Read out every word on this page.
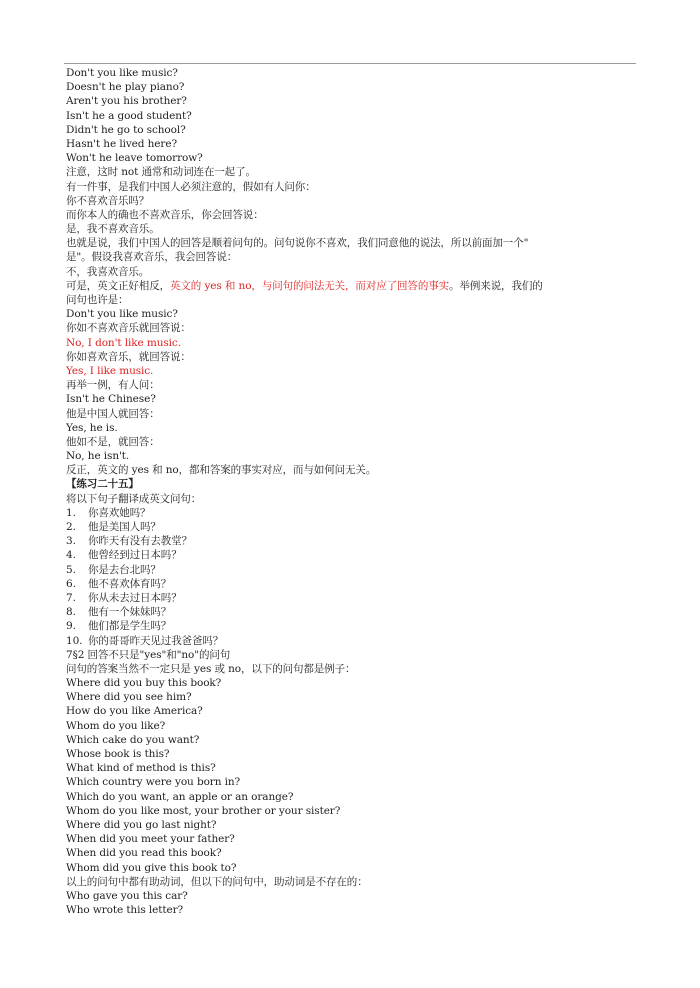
Don't you like music?
Doesn't he play piano?
Aren't you his brother?
Isn't he a good student?
Didn't he go to school?
Hasn't he lived here?
Won't he leave tomorrow?
注意，这时 not 通常和动词连在一起了。
有一件事，是我们中国人必须注意的，假如有人问你：
你不喜欢音乐吗？
而你本人的确也不喜欢音乐，你会回答说：
是，我不喜欢音乐。
也就是说，我们中国人的回答是顺着问句的。问句说你不喜欢，我们同意他的说法，所以前面加一个"
是"。假设我喜欢音乐，我会回答说：
不，我喜欢音乐。
可是，英文正好相反，英文的 yes 和 no，与问句的问法无关，而对应了回答的事实。举例来说，我们的
问句也许是：
Don't you like music?
你如不喜欢音乐就回答说：
No, I don't like music.
你如喜欢音乐，就回答说：
Yes, I like music.
再举一例，有人问：
Isn't he Chinese?
他是中国人就回答：
Yes, he is.
他如不是，就回答：
No, he isn't.
反正，英文的 yes 和 no，都和答案的事实对应，而与如何问无关。
【练习二十五】
将以下句子翻译成英文问句：
1. 你喜欢她吗？
2. 他是美国人吗？
3. 你昨天有没有去教堂？
4. 他曾经到过日本吗？
5. 你是去台北吗？
6. 他不喜欢体育吗？
7. 你从未去过日本吗？
8. 他有一个妹妹吗？
9. 他们都是学生吗？
10. 你的哥哥昨天见过我爸爸吗？
7§2 回答不只是"yes"和"no"的问句
问句的答案当然不一定只是 yes 或 no，以下的问句都是例子：
Where did you buy this book?
Where did you see him?
How do you like America?
Whom do you like?
Which cake do you want?
Whose book is this?
What kind of method is this?
Which country were you born in?
Which do you want, an apple or an orange?
Whom do you like most, your brother or your sister?
Where did you go last night?
When did you meet your father?
When did you read this book?
Whom did you give this book to?
以上的问句中都有助动词，但以下的问句中，助动词是不存在的：
Who gave you this car?
Who wrote this letter?
